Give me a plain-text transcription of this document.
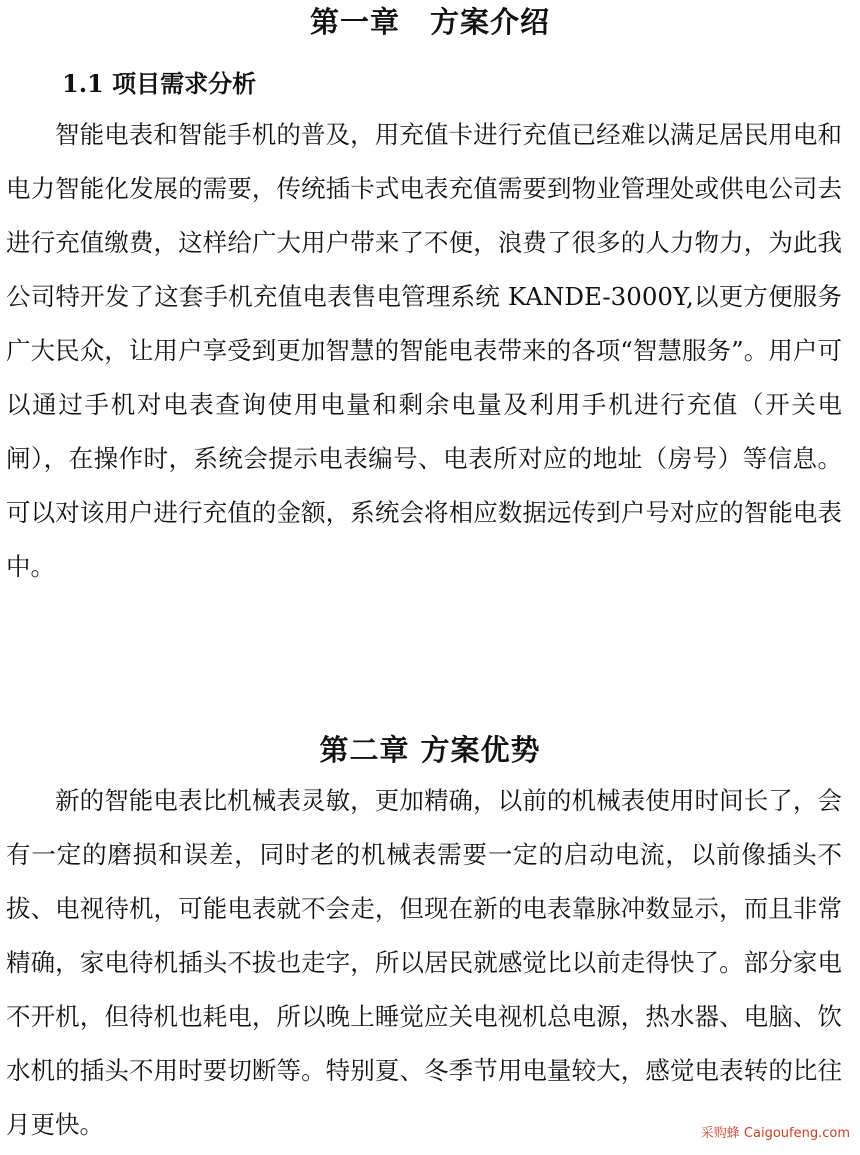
第一章　方案介绍
1.1 项目需求分析

智能电表和智能手机的普及，用充值卡进行充值已经难以满足居民用电和电力智能化发展的需要，传统插卡式电表充值需要到物业管理处或供电公司去进行充值缴费，这样给广大用户带来了不便，浪费了很多的人力物力，为此我公司特开发了这套手机充值电表售电管理系统 KANDE-3000Y,以更方便服务广大民众，让用户享受到更加智慧的智能电表带来的各项“智慧服务”。用户可以通过手机对电表查询使用电量和剩余电量及利用手机进行充值（开关电闸），在操作时，系统会提示电表编号、电表所对应的地址（房号）等信息。可以对该用户进行充值的金额，系统会将相应数据远传到户号对应的智能电表中。

第二章 方案优势

新的智能电表比机械表灵敏，更加精确，以前的机械表使用时间长了，会有一定的磨损和误差，同时老的机械表需要一定的启动电流，以前像插头不拔、电视待机，可能电表就不会走，但现在新的电表靠脉冲数显示，而且非常精确，家电待机插头不拔也走字，所以居民就感觉比以前走得快了。部分家电不开机，但待机也耗电，所以晚上睡觉应关电视机总电源，热水器、电脑、饮水机的插头不用时要切断等。特别夏、冬季节用电量较大，感觉电表转的比往月更快。	采购蜂 Caigoufeng.com
